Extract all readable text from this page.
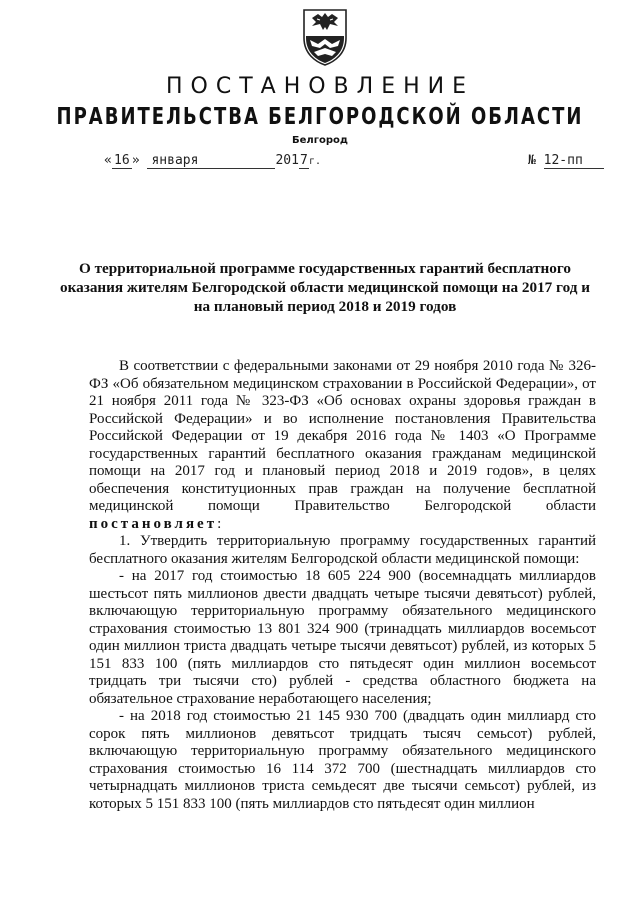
ПОСТАНОВЛЕНИЕ
ПРАВИТЕЛЬСТВА БЕЛГОРОДСКОЙ ОБЛАСТИ
Белгород
« 16 » января	2017г.	№ 12-пп
О территориальной программе государственных гарантий бесплатного оказания жителям Белгородской области медицинской помощи на 2017 год и на плановый период 2018 и 2019 годов

В соответствии с федеральными законами от 29 ноября 2010 года № 326-ФЗ «Об обязательном медицинском страховании в Российской Федерации», от 21 ноября 2011 года № 323-ФЗ «Об основах охраны здоровья граждан в Российской Федерации» и во исполнение постановления Правительства Российской Федерации от 19 декабря 2016 года № 1403 «О Программе государственных гарантий бесплатного оказания гражданам медицинской помощи на 2017 год и плановый период 2018 и 2019 годов», в целях обеспечения конституционных прав граждан на получение бесплатной медицинской помощи Правительство Белгородской области постановляет:

1. Утвердить территориальную программу государственных гарантий бесплатного оказания жителям Белгородской области медицинской помощи:

- на 2017 год стоимостью 18 605 224 900 (восемнадцать миллиардов шестьсот пять миллионов двести двадцать четыре тысячи девятьсот) рублей, включающую территориальную программу обязательного медицинского страхования стоимостью 13 801 324 900 (тринадцать миллиардов восемьсот один миллион триста двадцать четыре тысячи девятьсот) рублей, из которых 5 151 833 100 (пять миллиардов сто пятьдесят один миллион восемьсот тридцать три тысячи сто) рублей - средства областного бюджета на обязательное страхование неработающего населения;

- на 2018 год стоимостью 21 145 930 700 (двадцать один миллиард сто сорок пять миллионов девятьсот тридцать тысяч семьсот) рублей, включающую территориальную программу обязательного медицинского страхования стоимостью 16 114 372 700 (шестнадцать миллиардов сто четырнадцать миллионов триста семьдесят две тысячи семьсот) рублей, из которых 5 151 833 100 (пять миллиардов сто пятьдесят один миллион
